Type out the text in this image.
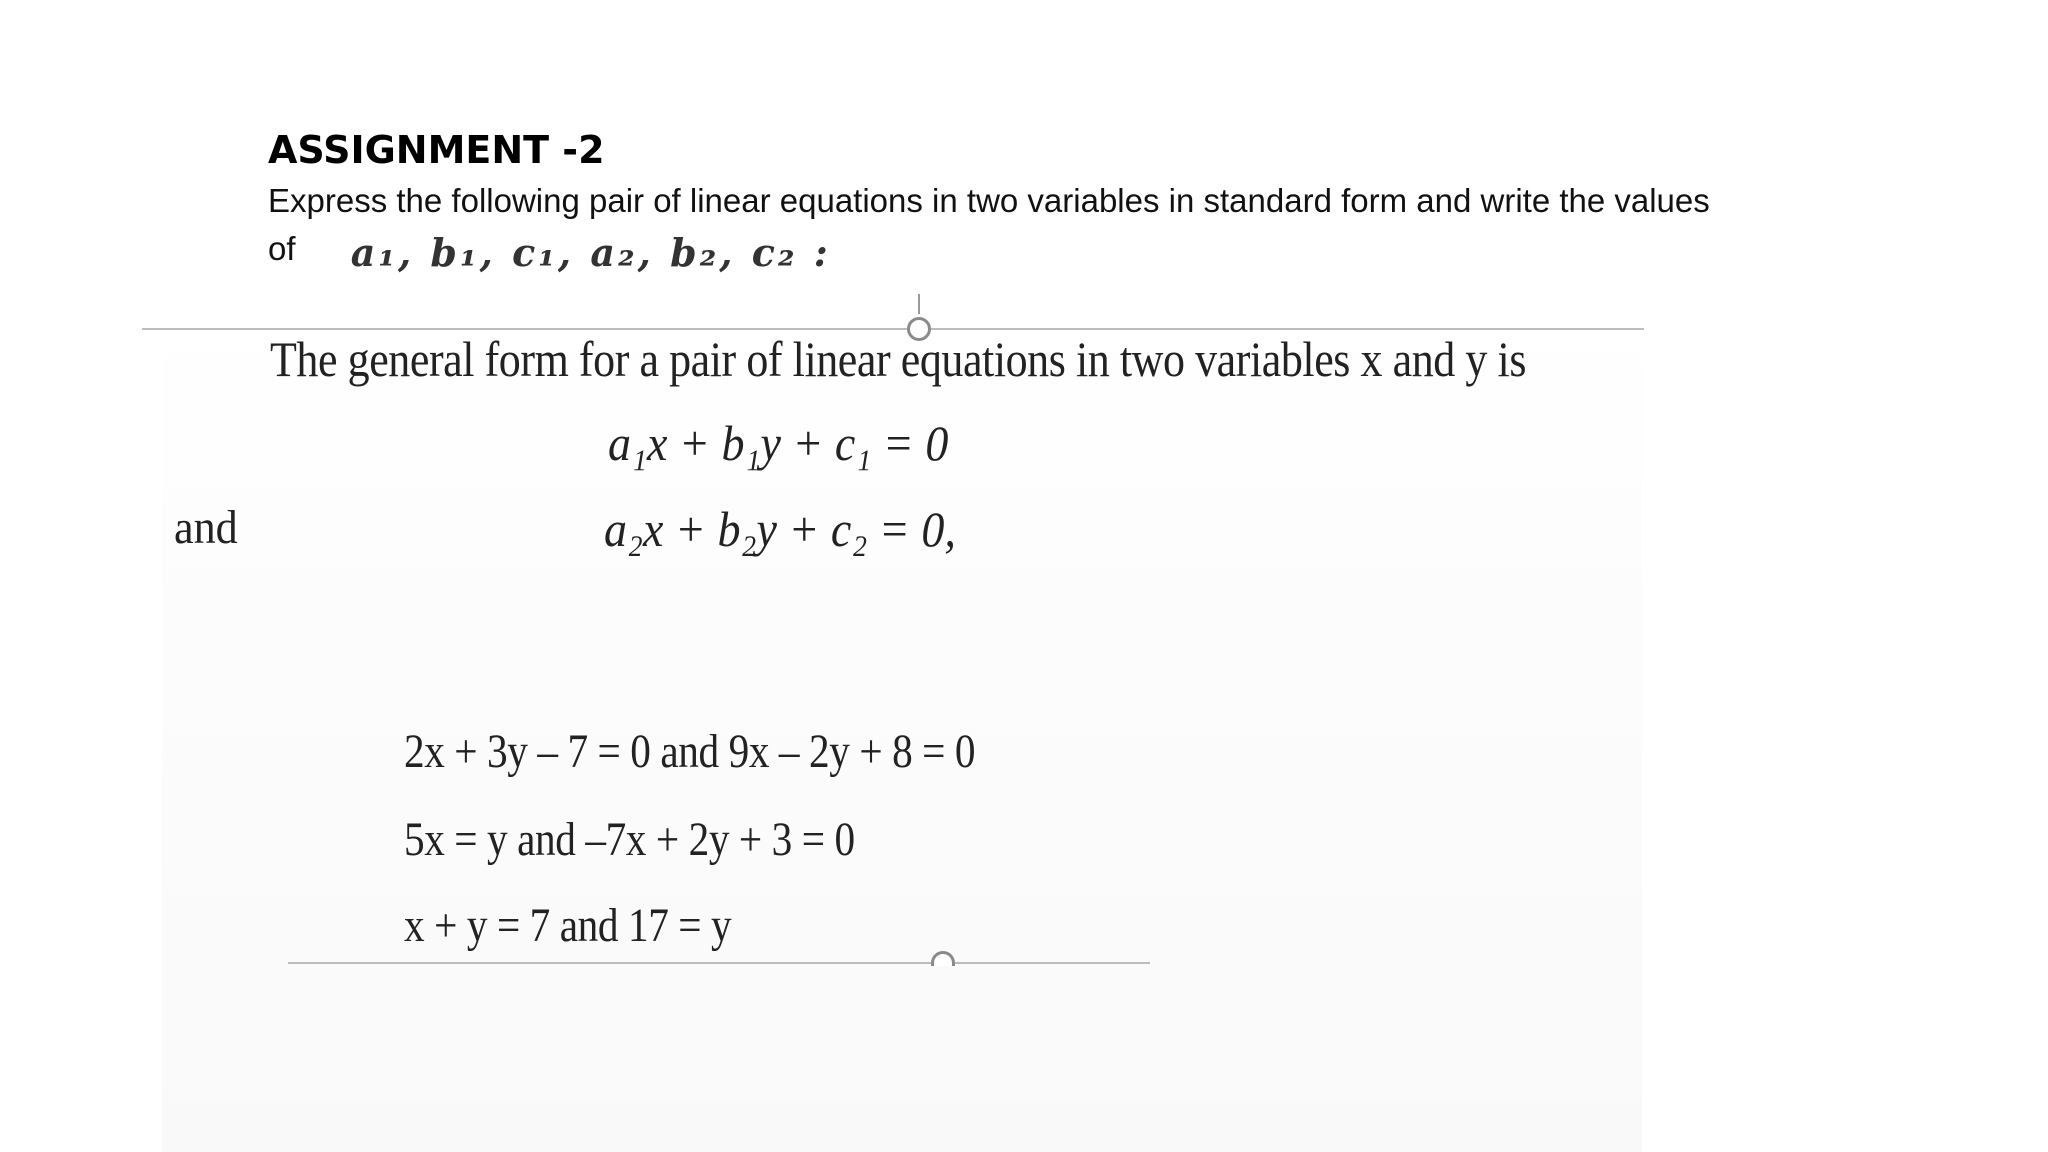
ASSIGNMENT -2
Express the following pair of linear equations in two variables in standard form and write the values
of a₁, b₁, c₁, a₂, b₂, c₂ :
The general form for a pair of linear equations in two variables x and y is
a₁x + b₁y + c₁ = 0
and	a₂x + b₂y + c₂ = 0,
2x + 3y – 7 = 0 and 9x – 2y + 8 = 0
5x = y and –7x + 2y + 3 = 0
x + y = 7 and 17 = y
